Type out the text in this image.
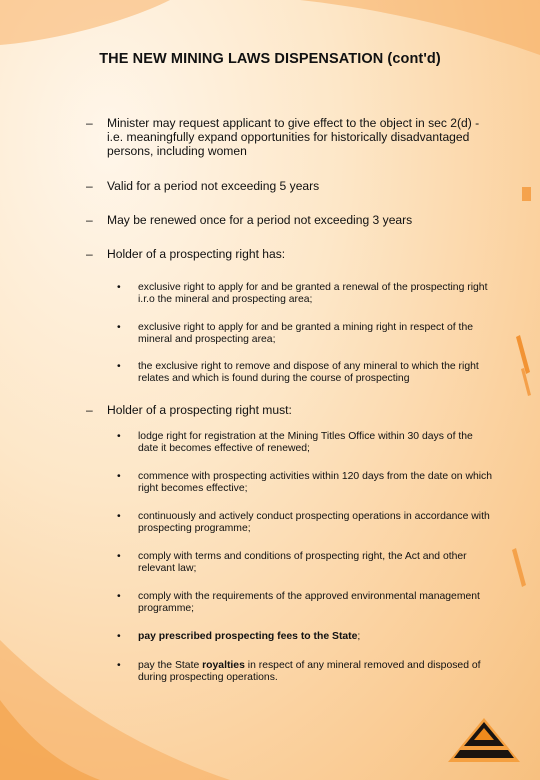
THE NEW MINING LAWS DISPENSATION (cont'd)
– Minister may request applicant to give effect to the object in sec 2(d) - i.e. meaningfully expand opportunities for historically disadvantaged persons, including women
– Valid for a period not exceeding 5 years
– May be renewed once for a period not exceeding 3 years
– Holder of a prospecting right has:
• exclusive right to apply for and be granted a renewal of the prospecting right i.r.o the mineral and prospecting area;
• exclusive right to apply for and be granted a mining right in respect of the mineral and prospecting area;
• the exclusive right to remove and dispose of any mineral to which the right relates and which is found during the course of prospecting
– Holder of a prospecting right must:
• lodge right for registration at the Mining Titles Office within 30 days of the date it becomes effective of renewed;
• commence with prospecting activities within 120 days from the date on which right becomes effective;
• continuously and actively conduct prospecting operations in accordance with prospecting programme;
• comply with terms and conditions of prospecting right, the Act and other relevant law;
• comply with the requirements of the approved environmental management programme;
• pay prescribed prospecting fees to the State;
• pay the State royalties in respect of any mineral removed and disposed of during prospecting operations.
